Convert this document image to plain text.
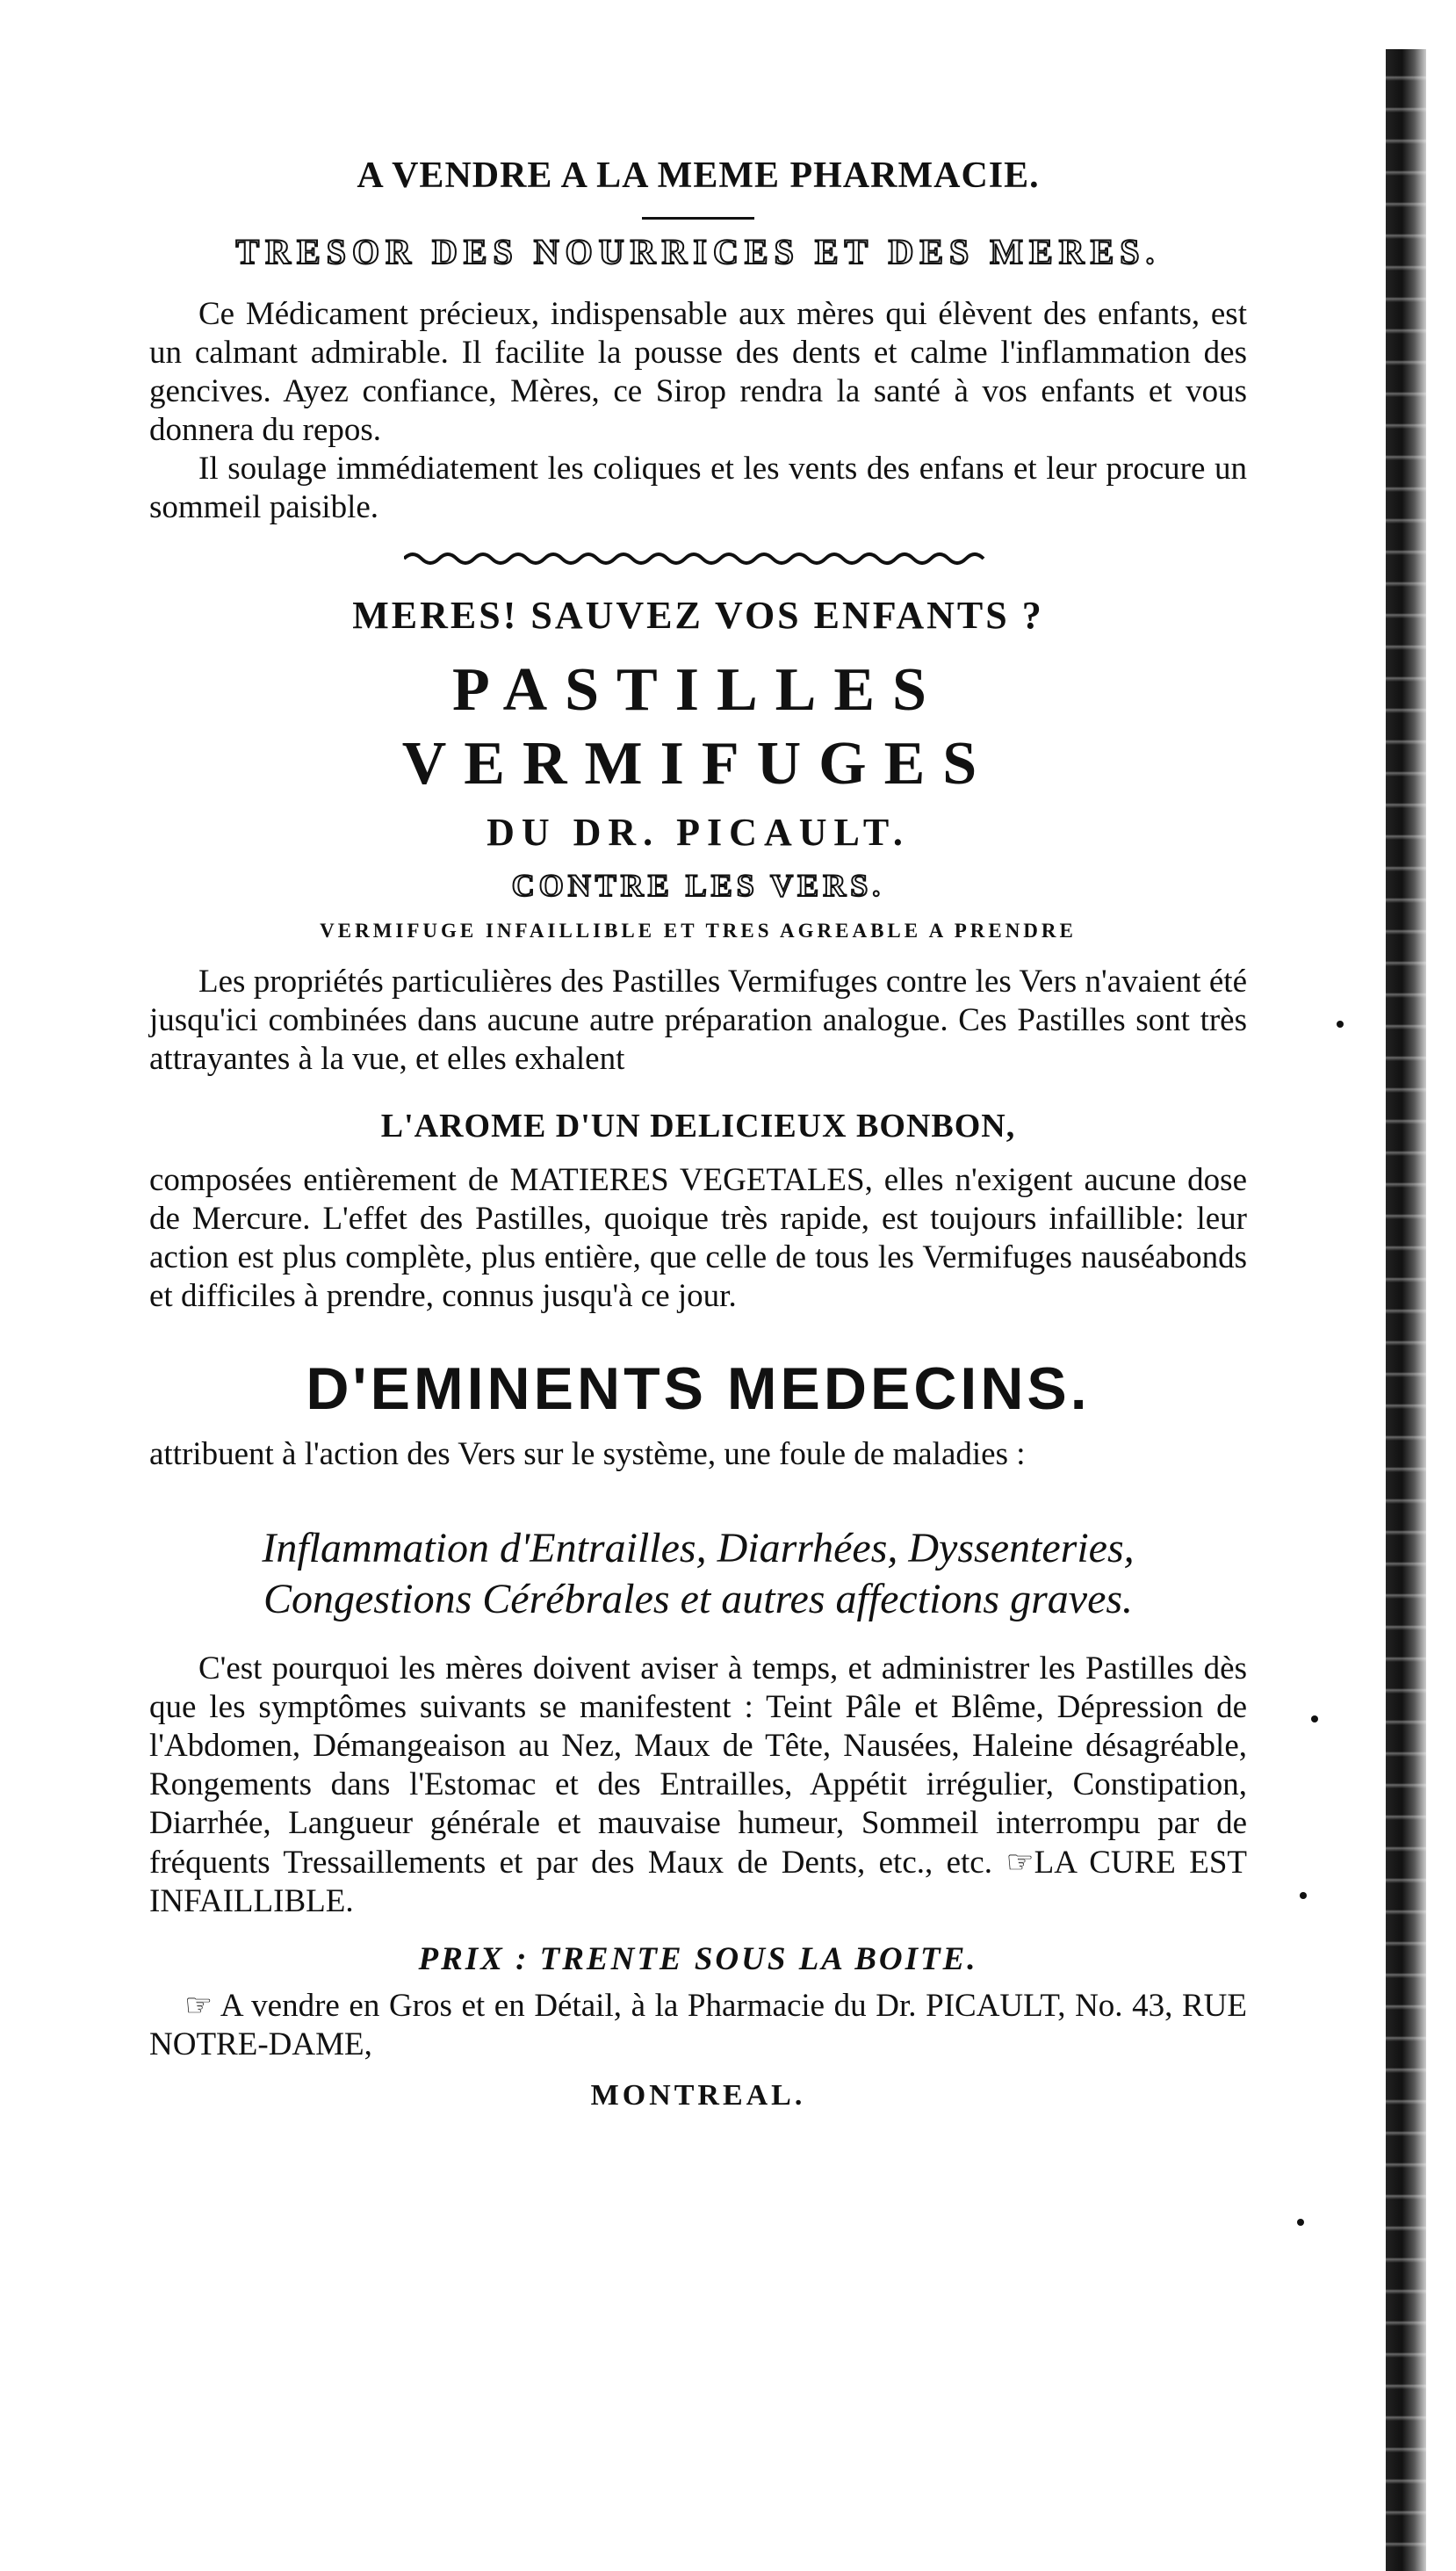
A VENDRE A LA MEME PHARMACIE.
TRESOR DES NOURRICES ET DES MERES.

Ce Médicament précieux, indispensable aux mères qui élèvent des enfants, est un calmant admirable. Il facilite la pousse des dents et calme l'inflammation des gencives. Ayez confiance, Mères, ce Sirop rendra la santé à vos enfants et vous donnera du repos.

Il soulage immédiatement les coliques et les vents des enfans et leur procure un sommeil paisible.

MERES! SAUVEZ VOS ENFANTS ?
PASTILLES VERMIFUGES
DU DR. PICAULT.
CONTRE LES VERS.
VERMIFUGE INFAILLIBLE ET TRES AGREABLE A PRENDRE

Les propriétés particulières des Pastilles Vermifuges contre les Vers n'avaient été jusqu'ici combinées dans aucune autre préparation analogue. Ces Pastilles sont très attrayantes à la vue, et elles exhalent

L'AROME D'UN DELICIEUX BONBON,

composées entièrement de MATIERES VEGETALES, elles n'exigent aucune dose de Mercure. L'effet des Pastilles, quoique très rapide, est toujours infaillible: leur action est plus complète, plus entière, que celle de tous les Vermifuges nauséabonds et difficiles à prendre, connus jusqu'à ce jour.

D'EMINENTS MEDECINS.

attribuent à l'action des Vers sur le système, une foule de maladies :

Inflammation d'Entrailles, Diarrhées, Dyssenteries,
Congestions Cérébrales et autres affections graves.

C'est pourquoi les mères doivent aviser à temps, et administrer les Pastilles dès que les symptômes suivants se manifestent : Teint Pâle et Blême, Dépression de l'Abdomen, Démangeaison au Nez, Maux de Tête, Nausées, Haleine désagréable, Rongements dans l'Estomac et des Entrailles, Appétit irrégulier, Constipation, Diarrhée, Langueur générale et mauvaise humeur, Sommeil interrompu par de fréquents Tressaillements et par des Maux de Dents, etc., etc. ☞LA CURE EST INFAILLIBLE.

PRIX : TRENTE SOUS LA BOITE.

☞ A vendre en Gros et en Détail, à la Pharmacie du Dr. PICAULT, No. 43, RUE NOTRE-DAME,

MONTREAL.
